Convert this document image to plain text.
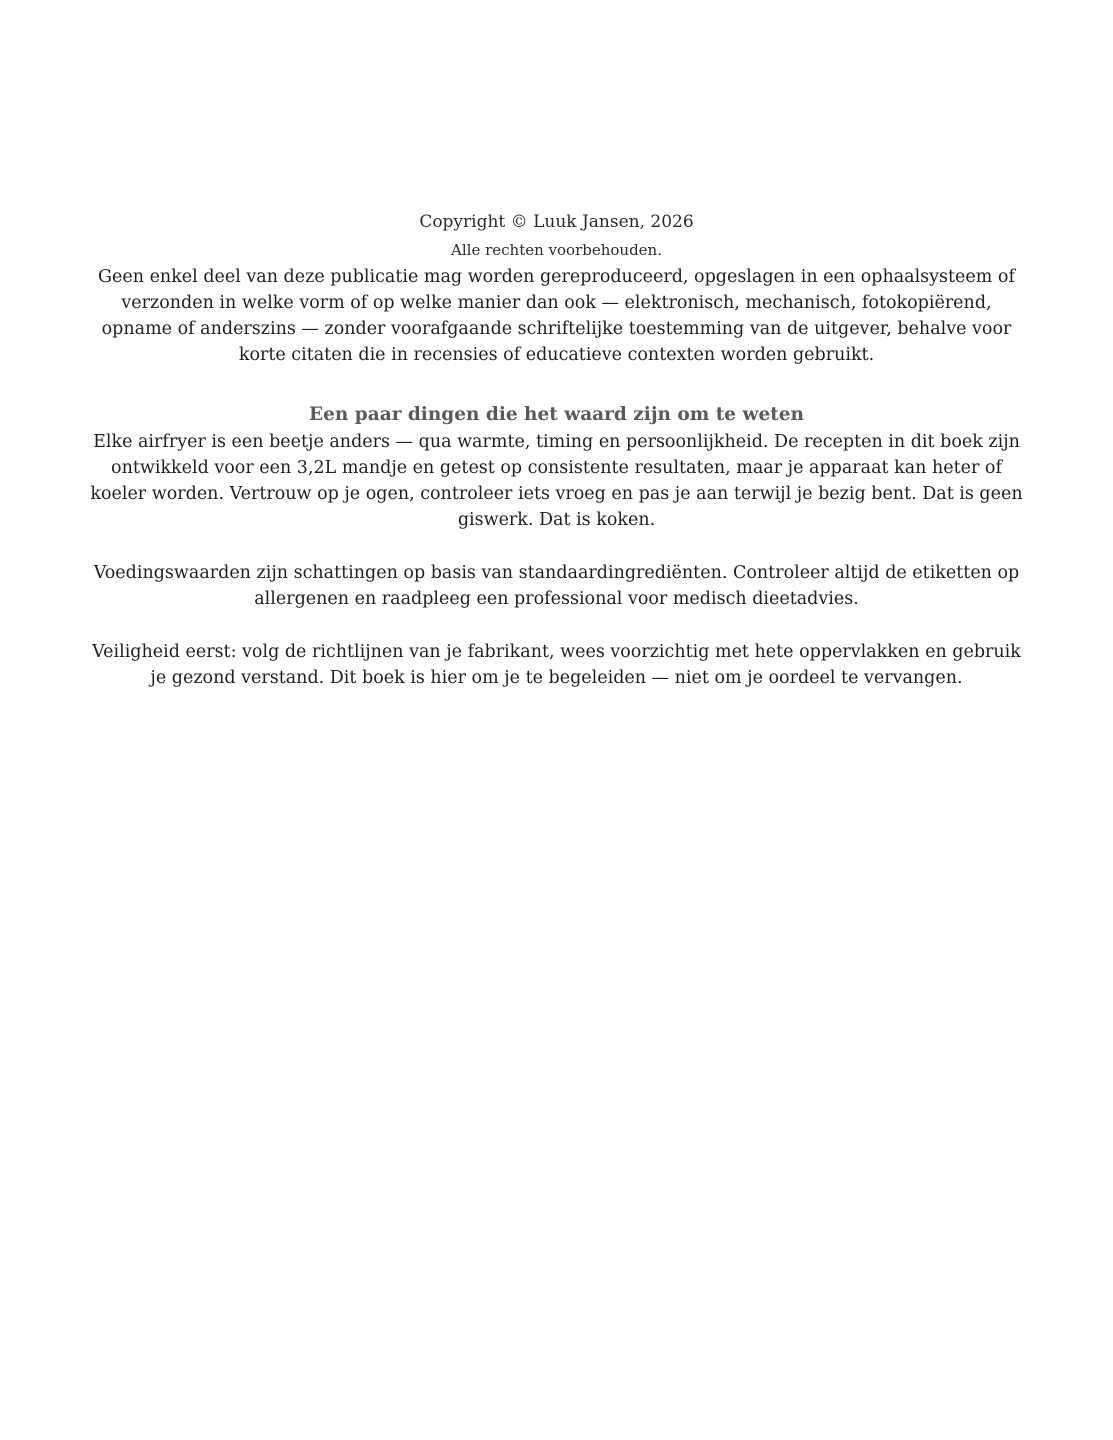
Copyright © Luuk Jansen, 2026

Alle rechten voorbehouden.

Geen enkel deel van deze publicatie mag worden gereproduceerd, opgeslagen in een ophaalsysteem of verzonden in welke vorm of op welke manier dan ook — elektronisch, mechanisch, fotokopiërend, opname of anderszins — zonder voorafgaande schriftelijke toestemming van de uitgever, behalve voor korte citaten die in recensies of educatieve contexten worden gebruikt.

Een paar dingen die het waard zijn om te weten

Elke airfryer is een beetje anders — qua warmte, timing en persoonlijkheid. De recepten in dit boek zijn ontwikkeld voor een 3,2L mandje en getest op consistente resultaten, maar je apparaat kan heter of koeler worden. Vertrouw op je ogen, controleer iets vroeg en pas je aan terwijl je bezig bent. Dat is geen giswerk. Dat is koken.

Voedingswaarden zijn schattingen op basis van standaardingrediënten. Controleer altijd de etiketten op allergenen en raadpleeg een professional voor medisch dieetadvies.

Veiligheid eerst: volg de richtlijnen van je fabrikant, wees voorzichtig met hete oppervlakken en gebruik je gezond verstand. Dit boek is hier om je te begeleiden — niet om je oordeel te vervangen.
